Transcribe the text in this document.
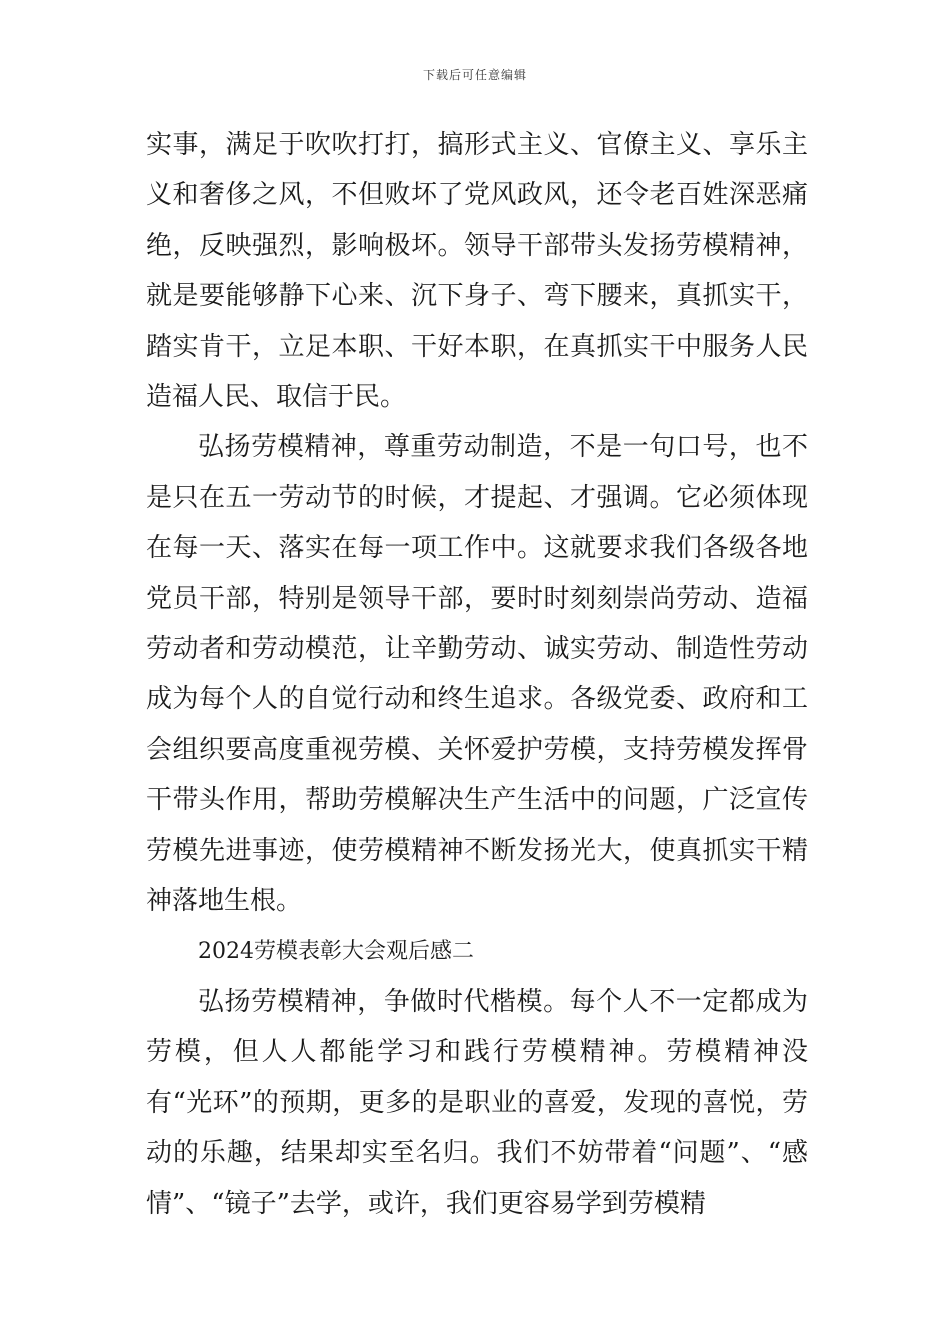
下载后可任意编辑

实事，满足于吹吹打打，搞形式主义、官僚主义、享乐主义和奢侈之风，不但败坏了党风政风，还令老百姓深恶痛绝，反映强烈，影响极坏。领导干部带头发扬劳模精神，就是要能够静下心来、沉下身子、弯下腰来，真抓实干，踏实肯干，立足本职、干好本职，在真抓实干中服务人民造福人民、取信于民。

弘扬劳模精神，尊重劳动制造，不是一句口号，也不是只在五一劳动节的时候，才提起、才强调。它必须体现在每一天、落实在每一项工作中。这就要求我们各级各地党员干部，特别是领导干部，要时时刻刻崇尚劳动、造福劳动者和劳动模范，让辛勤劳动、诚实劳动、制造性劳动成为每个人的自觉行动和终生追求。各级党委、政府和工会组织要高度重视劳模、关怀爱护劳模，支持劳模发挥骨干带头作用，帮助劳模解决生产生活中的问题，广泛宣传劳模先进事迹，使劳模精神不断发扬光大，使真抓实干精神落地生根。

2024劳模表彰大会观后感二

弘扬劳模精神，争做时代楷模。每个人不一定都成为劳模，但人人都能学习和践行劳模精神。劳模精神没有“光环”的预期，更多的是职业的喜爱，发现的喜悦，劳动的乐趣，结果却实至名归。我们不妨带着“问题”、“感情”、“镜子”去学，或许，我们更容易学到劳模精
